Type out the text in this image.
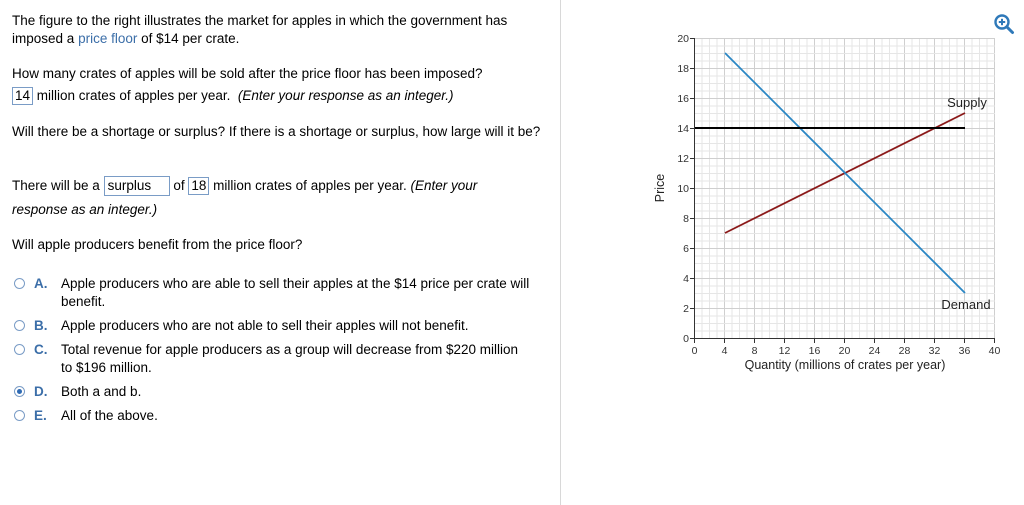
The figure to the right illustrates the market for apples in which the government has imposed a price floor of $14 per crate.
How many crates of apples will be sold after the price floor has been imposed?
14 million crates of apples per year. (Enter your response as an integer.)
Will there be a shortage or surplus? If there is a shortage or surplus, how large will it be?
There will be a surplus of 18 million crates of apples per year. (Enter your
response as an integer.)
Will apple producers benefit from the price floor?
A. Apple producers who are able to sell their apples at the $14 price per crate will benefit.
B. Apple producers who are not able to sell their apples will not benefit.
C. Total revenue for apple producers as a group will decrease from $220 million to $196 million.
D. Both a and b.
E. All of the above.
0
2
4
6
8
10
12
14
16
18
20
0 4 8 12 16 20 24 28 32 36 40
Price
Quantity (millions of crates per year)
Supply
Demand
